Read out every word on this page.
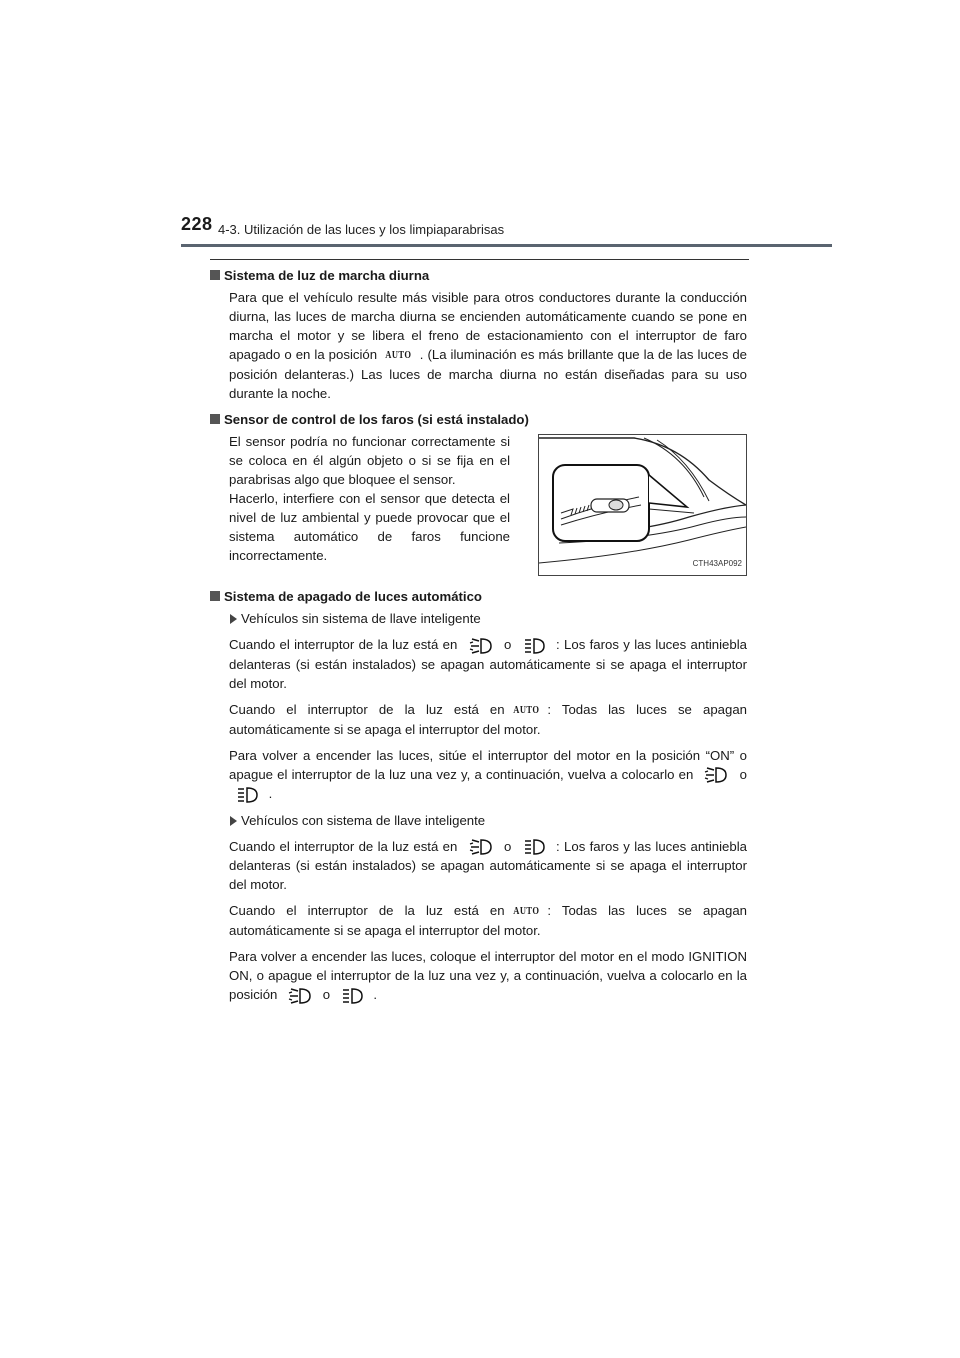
228 4-3. Utilización de las luces y los limpiaparabrisas
Sistema de luz de marcha diurna

Para que el vehículo resulte más visible para otros conductores durante la conducción diurna, las luces de marcha diurna se encienden automáticamente cuando se pone en marcha el motor y se libera el freno de estacionamiento con el interruptor de faro apagado o en la posición AUTO . (La iluminación es más brillante que la de las luces de posición delanteras.) Las luces de marcha diurna no están diseñadas para su uso durante la noche.

Sensor de control de los faros (si está instalado)
El sensor podría no funcionar correctamente si se coloca en él algún objeto o si se fija en el parabrisas algo que bloquee el sensor.
Hacerlo, interfiere con el sensor que detecta el nivel de luz ambiental y puede provocar que el sistema automático de faros funcione incorrectamente.
CTH43AP092
Sistema de apagado de luces automático
Vehículos sin sistema de llave inteligente

Cuando el interruptor de la luz está en	o	: Los faros y las luces antiniebla delanteras (si están instalados) se apagan automáticamente si se apaga el interruptor del motor.

Cuando el interruptor de la luz está en AUTO : Todas las luces se apagan automáticamente si se apaga el interruptor del motor.

Para volver a encender las luces, sitúe el interruptor del motor en la posición “ON” o apague el interruptor de la luz una vez y, a continuación, vuelva a colocarlo en	o  .

Vehículos con sistema de llave inteligente

Cuando el interruptor de la luz está en	o	: Los faros y las luces antiniebla delanteras (si están instalados) se apagan automáticamente si se apaga el interruptor del motor.

Cuando el interruptor de la luz está en AUTO : Todas las luces se apagan automáticamente si se apaga el interruptor del motor.

Para volver a encender las luces, coloque el interruptor del motor en el modo IGNITION ON, o apague el interruptor de la luz una vez y, a continuación, vuelva a colocarlo en la posición	o	.
